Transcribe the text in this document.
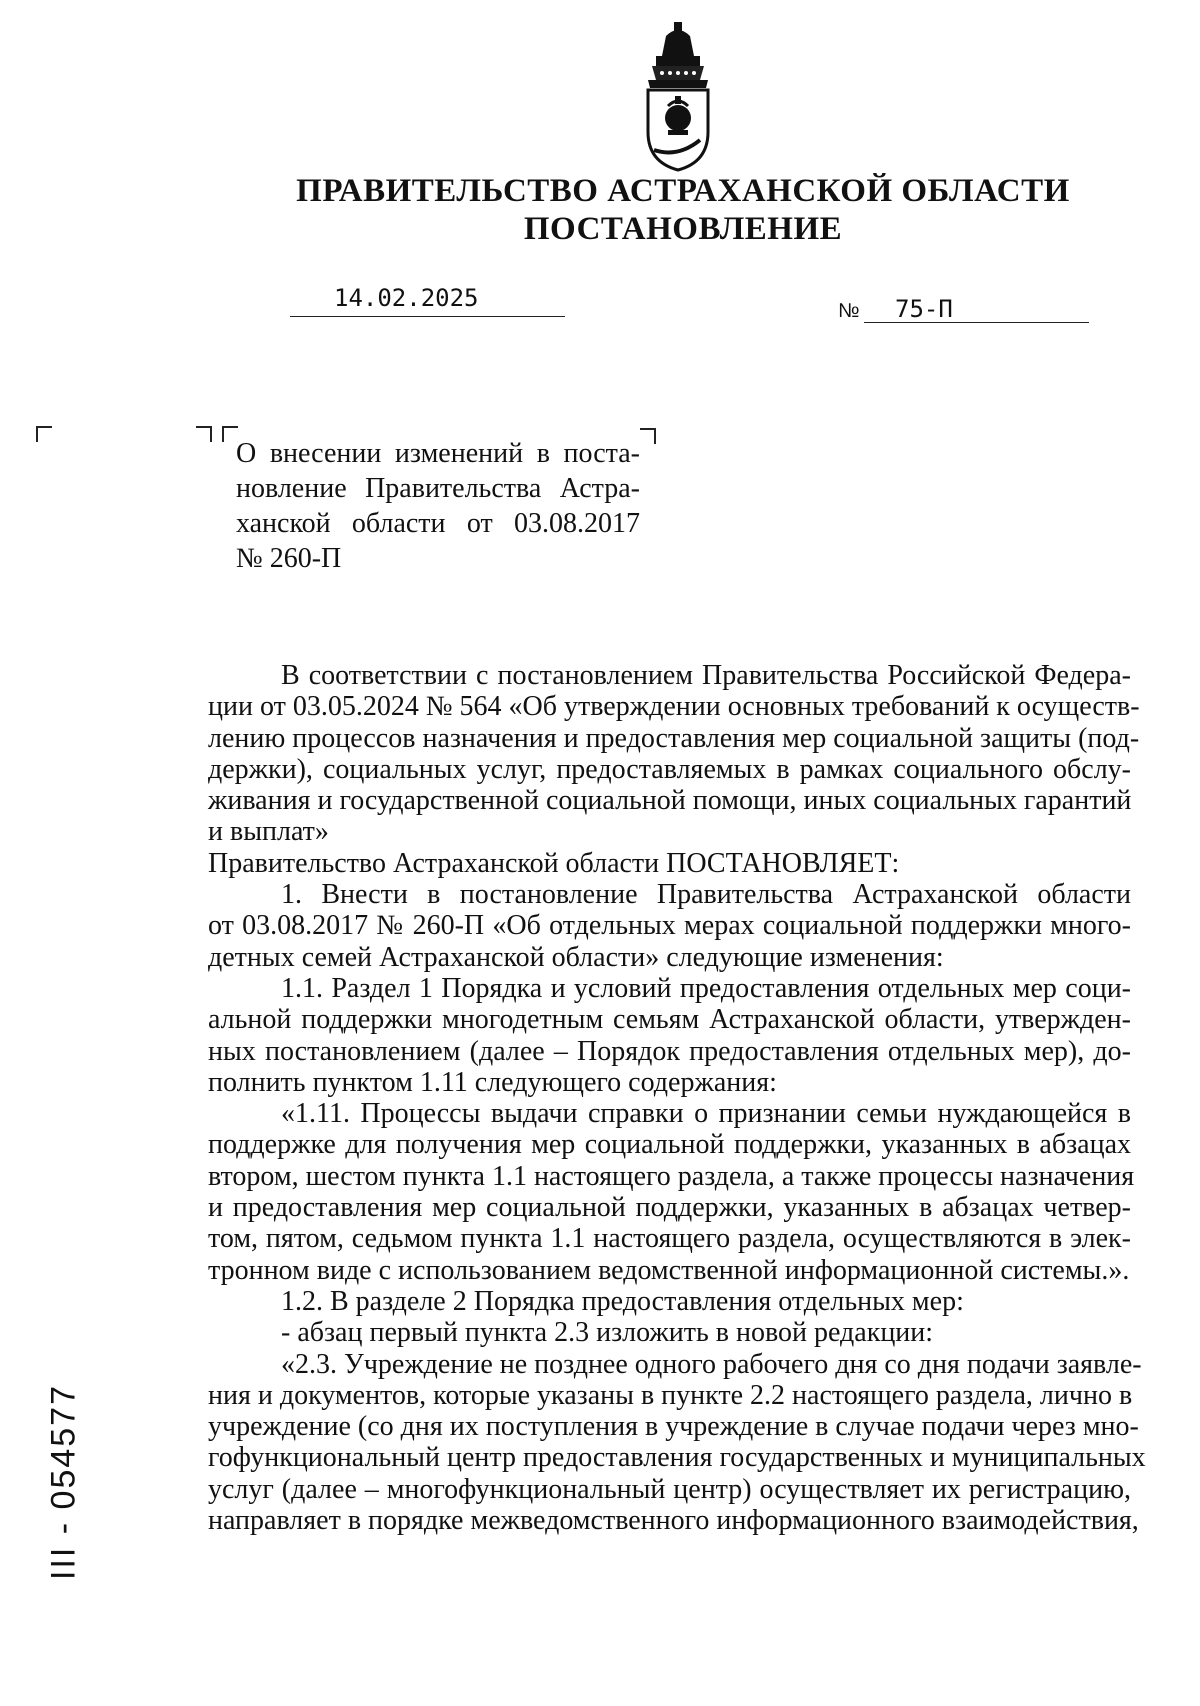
ПРАВИТЕЛЬСТВО АСТРАХАНСКОЙ ОБЛАСТИ
ПОСТАНОВЛЕНИЕ
14.02.2025	№ 75-П
О внесении изменений в поста-
новление Правительства Астра-
ханской области от 03.08.2017
№ 260-П
В соответствии с постановлением Правительства Российской Федера-
ции от 03.05.2024 № 564 «Об утверждении основных требований к осуществ-
лению процессов назначения и предоставления мер социальной защиты (под-
держки), социальных услуг, предоставляемых в рамках социального обслу-
живания и государственной социальной помощи, иных социальных гарантий
и выплат»
Правительство Астраханской области ПОСТАНОВЛЯЕТ:
1. Внести в постановление Правительства Астраханской области
от 03.08.2017 № 260-П «Об отдельных мерах социальной поддержки много-
детных семей Астраханской области» следующие изменения:
1.1. Раздел 1 Порядка и условий предоставления отдельных мер соци-
альной поддержки многодетным семьям Астраханской области, утвержден-
ных постановлением (далее – Порядок предоставления отдельных мер), до-
полнить пунктом 1.11 следующего содержания:
«1.11. Процессы выдачи справки о признании семьи нуждающейся в
поддержке для получения мер социальной поддержки, указанных в абзацах
втором, шестом пункта 1.1 настоящего раздела, а также процессы назначения
и предоставления мер социальной поддержки, указанных в абзацах четвер-
том, пятом, седьмом пункта 1.1 настоящего раздела, осуществляются в элек-
тронном виде с использованием ведомственной информационной системы.».
1.2. В разделе 2 Порядка предоставления отдельных мер:
- абзац первый пункта 2.3 изложить в новой редакции:
«2.3. Учреждение не позднее одного рабочего дня со дня подачи заявле-
ния и документов, которые указаны в пункте 2.2 настоящего раздела, лично в
учреждение (со дня их поступления в учреждение в случае подачи через мно-
гофункциональный центр предоставления государственных и муниципальных
услуг (далее – многофункциональный центр) осуществляет их регистрацию,
направляет в порядке межведомственного информационного взаимодействия,
III - 054577
